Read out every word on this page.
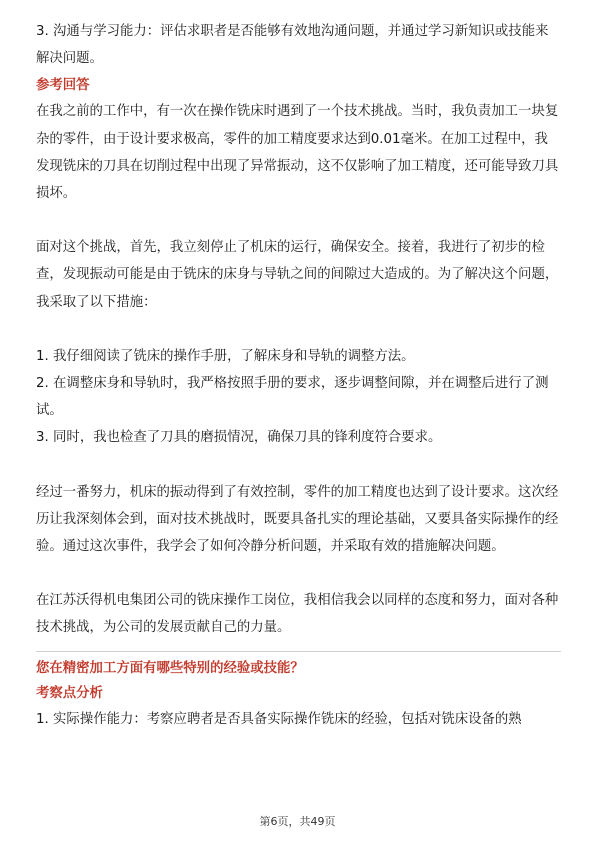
3. 沟通与学习能力：评估求职者是否能够有效地沟通问题，并通过学习新知识或技能来解决问题。

参考回答

在我之前的工作中，有一次在操作铣床时遇到了一个技术挑战。当时，我负责加工一块复杂的零件，由于设计要求极高，零件的加工精度要求达到0.01毫米。在加工过程中，我发现铣床的刀具在切削过程中出现了异常振动，这不仅影响了加工精度，还可能导致刀具损坏。

面对这个挑战，首先，我立刻停止了机床的运行，确保安全。接着，我进行了初步的检查，发现振动可能是由于铣床的床身与导轨之间的间隙过大造成的。为了解决这个问题，我采取了以下措施：

1. 我仔细阅读了铣床的操作手册，了解床身和导轨的调整方法。

2. 在调整床身和导轨时，我严格按照手册的要求，逐步调整间隙，并在调整后进行了测试。

3. 同时，我也检查了刀具的磨损情况，确保刀具的锋利度符合要求。

经过一番努力，机床的振动得到了有效控制，零件的加工精度也达到了设计要求。这次经历让我深刻体会到，面对技术挑战时，既要具备扎实的理论基础，又要具备实际操作的经验。通过这次事件，我学会了如何冷静分析问题，并采取有效的措施解决问题。

在江苏沃得机电集团公司的铣床操作工岗位，我相信我会以同样的态度和努力，面对各种技术挑战，为公司的发展贡献自己的力量。

您在精密加工方面有哪些特别的经验或技能？
考察点分析

1. 实际操作能力：考察应聘者是否具备实际操作铣床的经验，包括对铣床设备的熟

第6页，共49页
